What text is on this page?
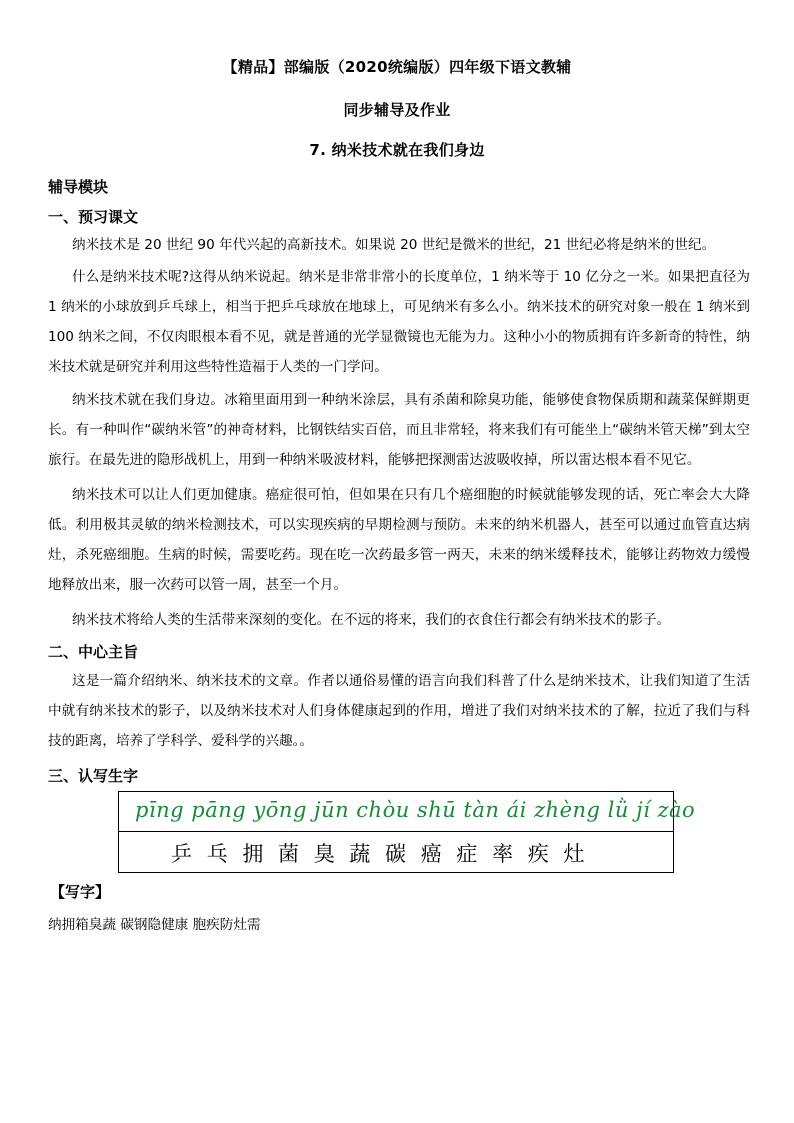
【精品】部编版（2020统编版）四年级下语文教辅
同步辅导及作业
7. 纳米技术就在我们身边
辅导模块
一、预习课文
纳米技术是 20 世纪 90 年代兴起的高新技术。如果说 20 世纪是微米的世纪，21 世纪必将是纳米的世纪。
什么是纳米技术呢?这得从纳米说起。纳米是非常非常小的长度单位，1 纳米等于 10 亿分之一米。如果把直径为 1 纳米的小球放到乒乓球上，相当于把乒乓球放在地球上，可见纳米有多么小。纳米技术的研究对象一般在 1 纳米到 100 纳米之间，不仅肉眼根本看不见，就是普通的光学显微镜也无能为力。这种小小的物质拥有许多新奇的特性，纳米技术就是研究并利用这些特性造福于人类的一门学问。
纳米技术就在我们身边。冰箱里面用到一种纳米涂层，具有杀菌和除臭功能，能够使食物保质期和蔬菜保鲜期更长。有一种叫作“碳纳米管”的神奇材料，比钢铁结实百倍，而且非常轻，将来我们有可能坐上“碳纳米管天梯”到太空旅行。在最先进的隐形战机上，用到一种纳米吸波材料，能够把探测雷达波吸收掉，所以雷达根本看不见它。
纳米技术可以让人们更加健康。癌症很可怕，但如果在只有几个癌细胞的时候就能够发现的话，死亡率会大大降低。利用极其灵敏的纳米检测技术，可以实现疾病的早期检测与预防。未来的纳米机器人，甚至可以通过血管直达病灶，杀死癌细胞。生病的时候，需要吃药。现在吃一次药最多管一两天，未来的纳米缓释技术，能够让药物效力缓慢地释放出来，服一次药可以管一周，甚至一个月。
纳米技术将给人类的生活带来深刻的变化。在不远的将来，我们的衣食住行都会有纳米技术的影子。
二、中心主旨
这是一篇介绍纳米、纳米技术的文章。作者以通俗易懂的语言向我们科普了什么是纳米技术，让我们知道了生活中就有纳米技术的影子，以及纳米技术对人们身体健康起到的作用，增进了我们对纳米技术的了解，拉近了我们与科技的距离，培养了学科学、爱科学的兴趣。。
三、认写生字
pīng pāng yōng jūn chòu shū tàn ái zhèng lǜ jí zào
乒 乓 拥 菌 臭 蔬 碳 癌 症 率 疾 灶
【写字】
纳拥箱臭蔬 碳钢隐健康 胞疾防灶需
